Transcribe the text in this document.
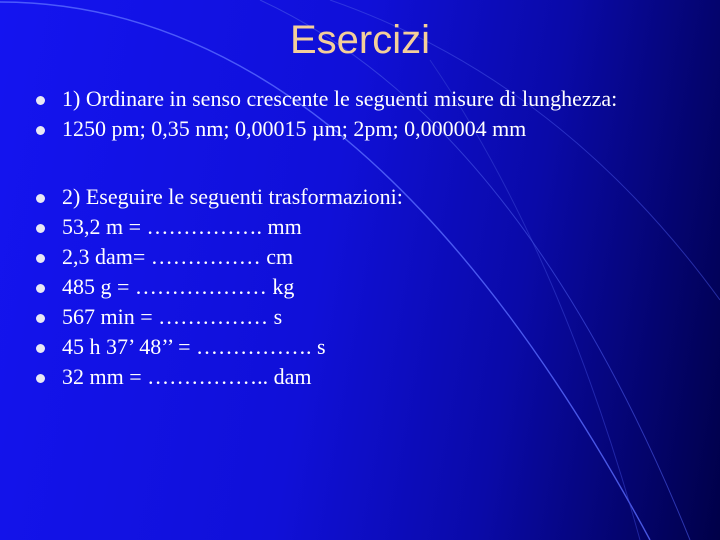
Esercizi
1) Ordinare in senso crescente le seguenti misure di lunghezza:
1250 pm; 0,35 nm; 0,00015 µm; 2pm; 0,000004 mm
2) Eseguire le seguenti trasformazioni:
53,2 m = ……………. mm
2,3 dam= …………… cm
485 g = ……………… kg
567 min = …………… s
45 h 37’ 48’’ = ……………. s
32 mm = …………….. dam
